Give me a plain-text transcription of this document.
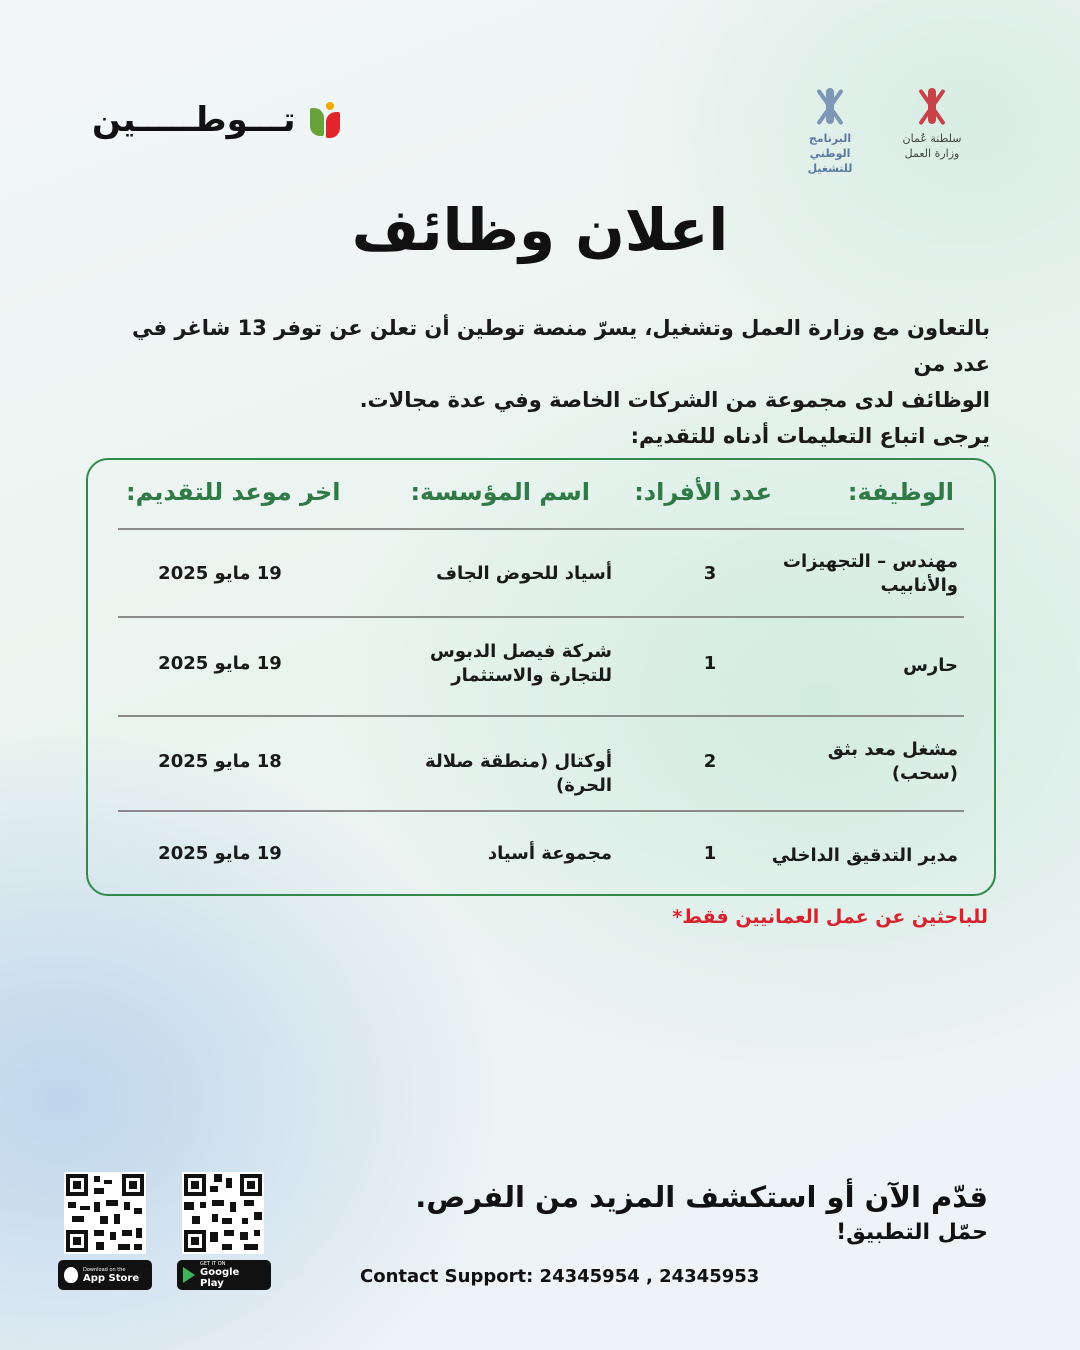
تـــوطـــــين	سلطنة عُمان
وزارة العمل
البرنامج الوطني
للتشغيل
اعلان وظائف

بالتعاون مع وزارة العمل وتشغيل، يسرّ منصة توطين أن تعلن عن توفر 13 شاغر في عدد من

الوظائف لدى مجموعة من الشركات الخاصة وفي عدة مجالات.

يرجى اتباع التعليمات أدناه للتقديم:

الوظيفة:
عدد الأفراد:
اسم المؤسسة:
اخر موعد للتقديم:
مهندس – التجهيزات
والأنابيب
3
أسياد للحوض الجاف
19 مايو 2025
حارس
1
شركة فيصل الدبوس
للتجارة والاستثمار
19 مايو 2025
مشغل معد بثق
(سحب)
2
أوكتال (منطقة صلالة الحرة)
18 مايو 2025
مدير التدقيق الداخلي
1
مجموعة أسياد
19 مايو 2025
للباحثين عن عمل العمانيين فقط*
قدّم الآن أو استكشف المزيد من الفرص.
حمّل التطبيق!
Contact Support: 24345954 , 24345953
Download on the
App Store
GET IT ON
Google Play
